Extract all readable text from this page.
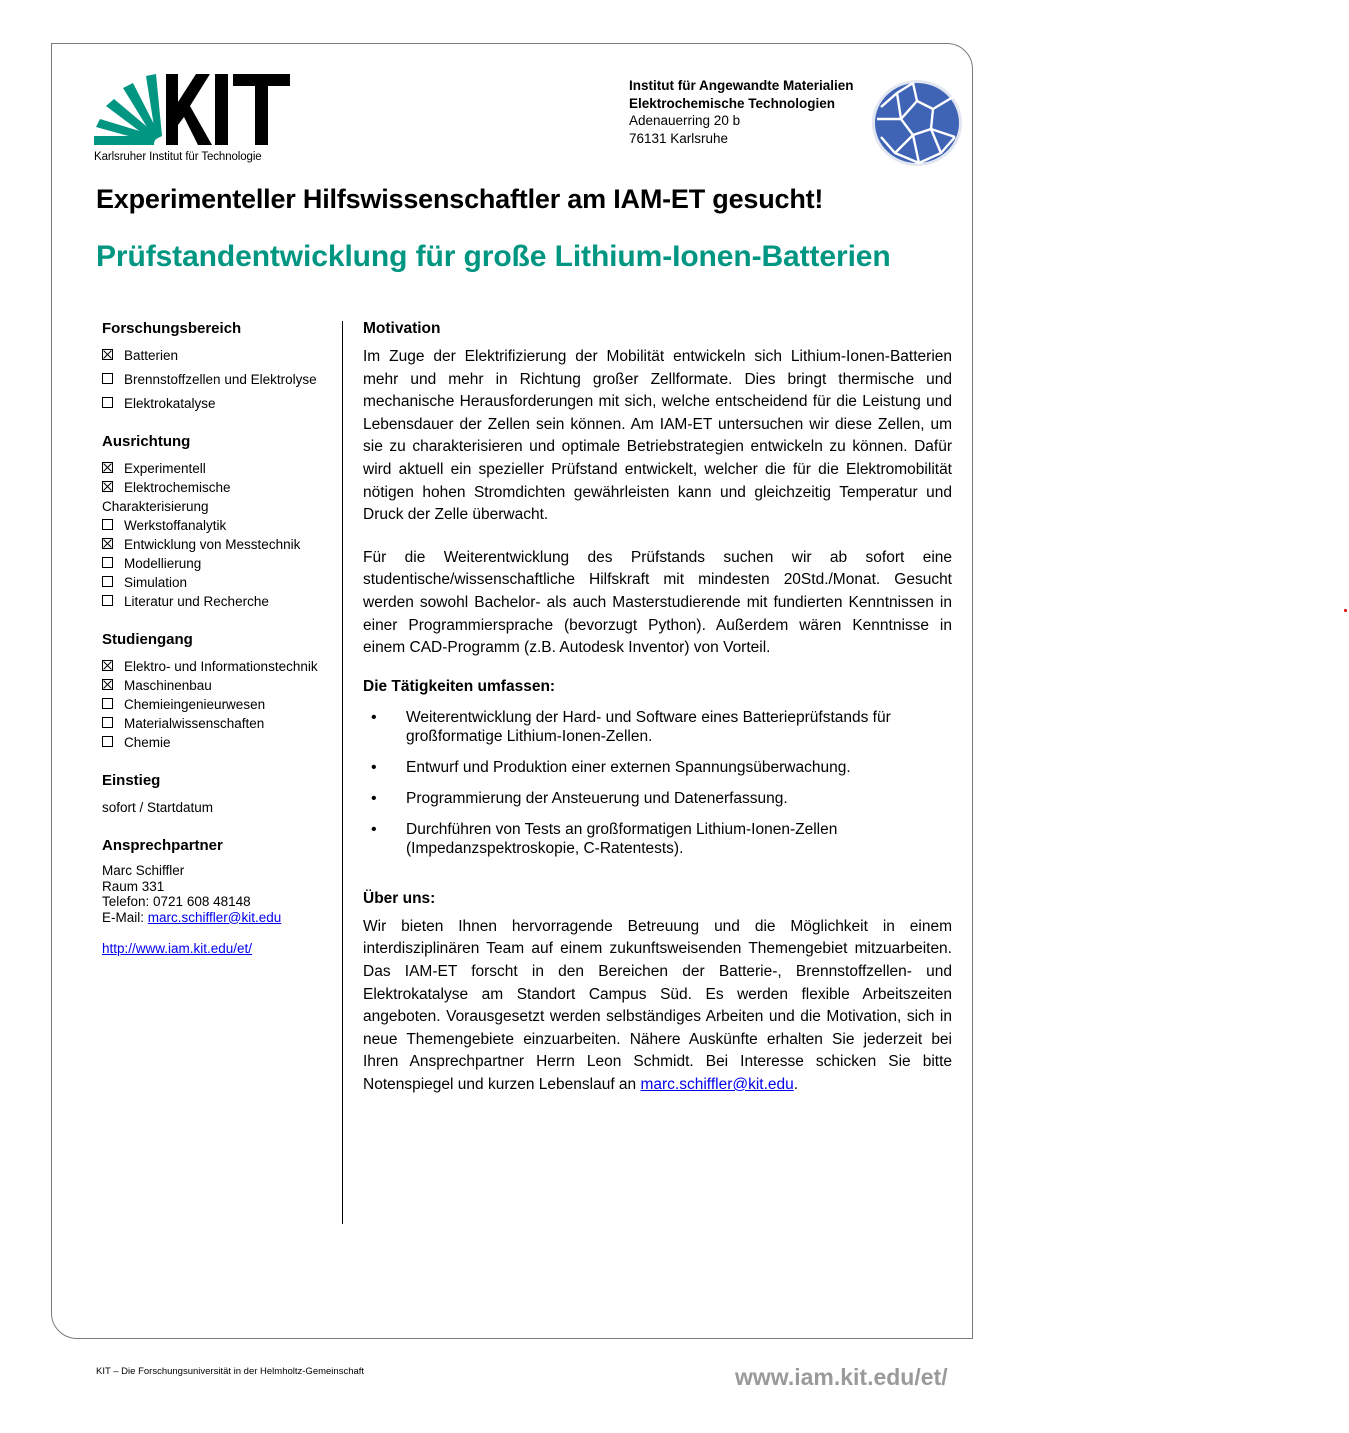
Karlsruher Institut für Technologie
Institut für Angewandte Materialien
Elektrochemische Technologien
Adenauerring 20 b
76131 Karlsruhe
Experimenteller Hilfswissenschaftler am IAM-ET gesucht!
Prüfstandentwicklung für große Lithium-Ionen-Batterien
Forschungsbereich
Batterien
Brennstoffzellen und Elektrolyse
Elektrokatalyse
Ausrichtung
Experimentell
Elektrochemische
Charakterisierung
Werkstoffanalytik
Entwicklung von Messtechnik
Modellierung
Simulation
Literatur und Recherche
Studiengang
Elektro- und Informationstechnik
Maschinenbau
Chemieingenieurwesen
Materialwissenschaften
Chemie
Einstieg
sofort / Startdatum
Ansprechpartner
Marc Schiffler
Raum 331
Telefon: 0721 608 48148
E-Mail: marc.schiffler@kit.edu
http://www.iam.kit.edu/et/
Motivation

Im Zuge der Elektrifizierung der Mobilität entwickeln sich Lithium-Ionen-Batterien mehr und mehr in Richtung großer Zellformate. Dies bringt thermische und mechanische Herausforderungen mit sich, welche entscheidend für die Leistung und Lebensdauer der Zellen sein können. Am IAM-ET untersuchen wir diese Zellen, um sie zu charakterisieren und optimale Betriebstrategien entwickeln zu können. Dafür wird aktuell ein spezieller Prüfstand entwickelt, welcher die für die Elektromobilität nötigen hohen Stromdichten gewährleisten kann und gleichzeitig Temperatur und Druck der Zelle überwacht.

Für die Weiterentwicklung des Prüfstands suchen wir ab sofort eine studentische/wissenschaftliche Hilfskraft mit mindesten 20Std./Monat. Gesucht werden sowohl Bachelor- als auch Masterstudierende mit fundierten Kenntnissen in einer Programmiersprache (bevorzugt Python). Außerdem wären Kenntnisse in einem CAD-Programm (z.B. Autodesk Inventor) von Vorteil.

Die Tätigkeiten umfassen:
• Weiterentwicklung der Hard- und Software eines Batterieprüfstands für großformatige Lithium-Ionen-Zellen.
• Entwurf und Produktion einer externen Spannungsüberwachung.
• Programmierung der Ansteuerung und Datenerfassung.
• Durchführen von Tests an großformatigen Lithium-Ionen-Zellen (Impedanzspektroskopie, C-Ratentests).
Über uns:

Wir bieten Ihnen hervorragende Betreuung und die Möglichkeit in einem interdisziplinären Team auf einem zukunftsweisenden Themengebiet mitzuarbeiten. Das IAM-ET forscht in den Bereichen der Batterie-, Brennstoffzellen- und Elektrokatalyse am Standort Campus Süd. Es werden flexible Arbeitszeiten angeboten. Vorausgesetzt werden selbständiges Arbeiten und die Motivation, sich in neue Themengebiete einzuarbeiten. Nähere Auskünfte erhalten Sie jederzeit bei Ihren Ansprechpartner Herrn Leon Schmidt. Bei Interesse schicken Sie bitte Notenspiegel und kurzen Lebenslauf an marc.schiffler@kit.edu.

KIT – Die Forschungsuniversität in der Helmholtz-Gemeinschaft	www.iam.kit.edu/et/
